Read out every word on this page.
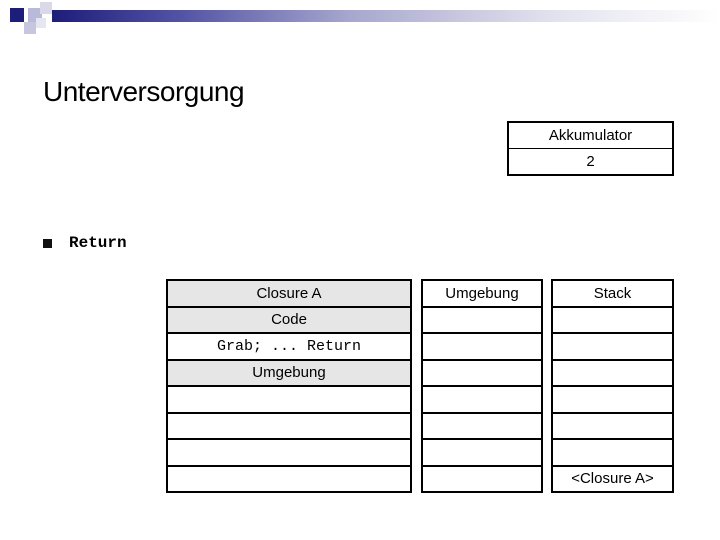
Unterversorgung
Akkumulator
2
Return
Closure A
Code
Grab; ... Return
Umgebung
Umgebung	Stack
<Closure A>
